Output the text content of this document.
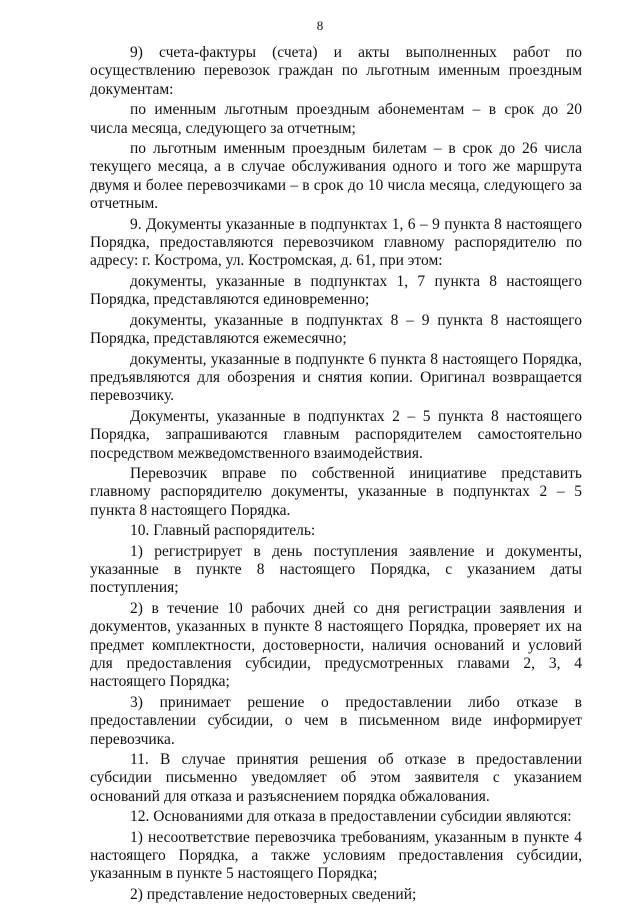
8

9) счета-фактуры (счета) и акты выполненных работ по осуществлению перевозок граждан по льготным именным проездным документам:

по именным льготным проездным абонементам – в срок до 20 числа месяца, следующего за отчетным;

по льготным именным проездным билетам – в срок до 26 числа текущего месяца, а в случае обслуживания одного и того же маршрута двумя и более перевозчиками – в срок до 10 числа месяца, следующего за отчетным.

9. Документы указанные в подпунктах 1, 6 – 9 пункта 8 настоящего Порядка, предоставляются перевозчиком главному распорядителю по адресу: г. Кострома, ул. Костромская, д. 61, при этом:

документы, указанные в подпунктах 1, 7 пункта 8 настоящего Порядка, представляются единовременно;

документы, указанные в подпунктах 8 – 9 пункта 8 настоящего Порядка, представляются ежемесячно;

документы, указанные в подпункте 6 пункта 8 настоящего Порядка, предъявляются для обозрения и снятия копии. Оригинал возвращается перевозчику.

Документы, указанные в подпунктах 2 – 5 пункта 8 настоящего Порядка, запрашиваются главным распорядителем самостоятельно посредством межведомственного взаимодействия.

Перевозчик вправе по собственной инициативе представить главному распорядителю документы, указанные в подпунктах 2 – 5 пункта 8 настоящего Порядка.

10. Главный распорядитель:

1) регистрирует в день поступления заявление и документы, указанные в пункте 8 настоящего Порядка, с указанием даты поступления;

2) в течение 10 рабочих дней со дня регистрации заявления и документов, указанных в пункте 8 настоящего Порядка, проверяет их на предмет комплектности, достоверности, наличия оснований и условий для предоставления субсидии, предусмотренных главами 2, 3, 4 настоящего Порядка;

3) принимает решение о предоставлении либо отказе в предоставлении субсидии, о чем в письменном виде информирует перевозчика.

11. В случае принятия решения об отказе в предоставлении субсидии письменно уведомляет об этом заявителя с указанием оснований для отказа и разъяснением порядка обжалования.

12. Основаниями для отказа в предоставлении субсидии являются:

1) несоответствие перевозчика требованиям, указанным в пункте 4 настоящего Порядка, а также условиям предоставления субсидии, указанным в пункте 5 настоящего Порядка;

2) представление недостоверных сведений;
